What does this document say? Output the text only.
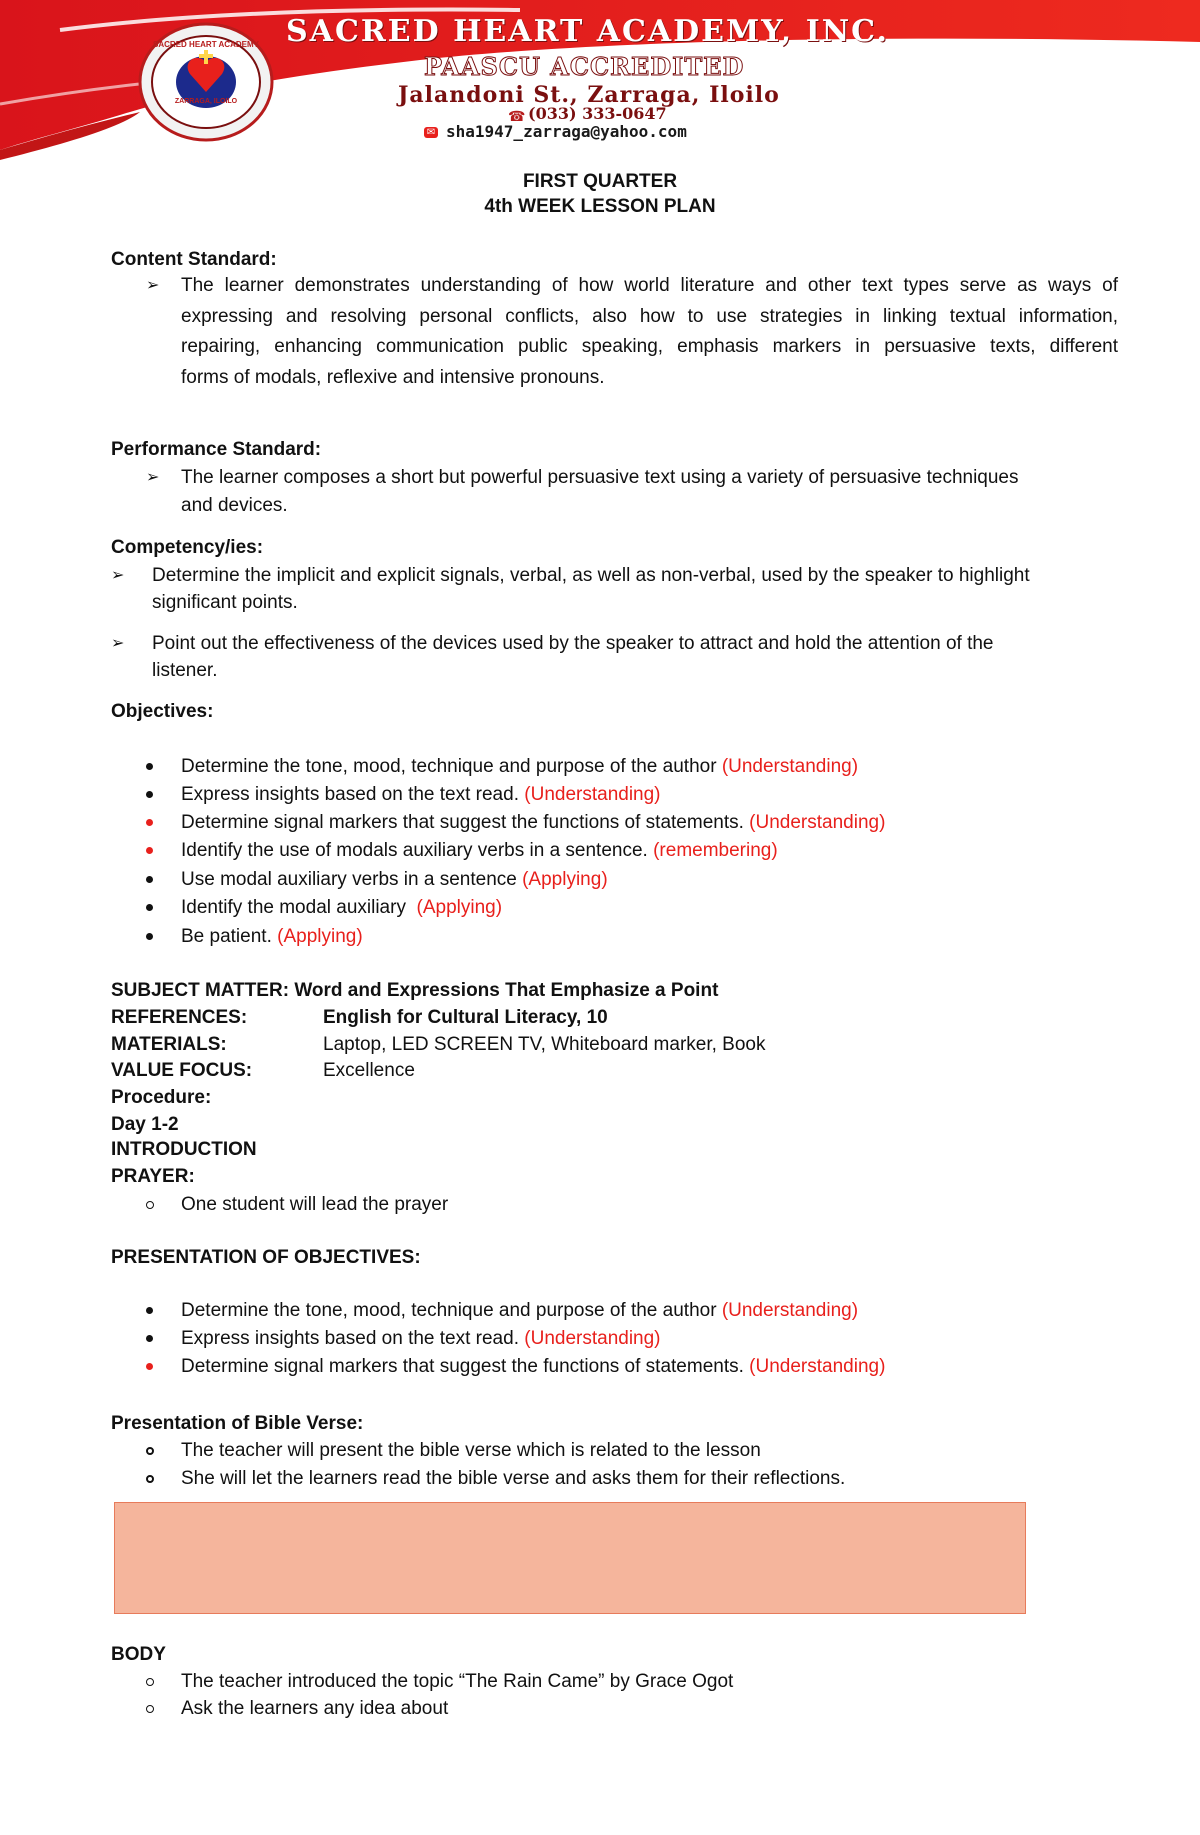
SACRED HEART ACADEMY
ZARRAGA, ILOILO
SACRED HEART ACADEMY, INC.
PAASCU ACCREDITED
Jalandoni St., Zarraga, Iloilo
☎ (033) 333-0647
✉ sha1947_zarraga@yahoo.com
FIRST QUARTER
4th WEEK LESSON PLAN
Content Standard:
➢ The learner demonstrates understanding of how world literature and other text types serve as ways of
expressing and resolving personal conflicts, also how to use strategies in linking textual information,
repairing, enhancing communication public speaking, emphasis markers in persuasive texts, different
forms of modals, reflexive and intensive pronouns.
Performance Standard:
➢ The learner composes a short but powerful persuasive text using a variety of persuasive techniques
and devices.
Competency/ies:
➢ Determine the implicit and explicit signals, verbal, as well as non-verbal, used by the speaker to highlight
significant points.
➢ Point out the effectiveness of the devices used by the speaker to attract and hold the attention of the
listener.
Objectives:
Determine the tone, mood, technique and purpose of the author (Understanding)
Express insights based on the text read. (Understanding)
Determine signal markers that suggest the functions of statements. (Understanding)
Identify the use of modals auxiliary verbs in a sentence. (remembering)
Use modal auxiliary verbs in a sentence (Applying)
Identify the modal auxiliary  (Applying)
Be patient. (Applying)
SUBJECT MATTER: Word and Expressions That Emphasize a Point
REFERENCES:	English for Cultural Literacy, 10
MATERIALS:	Laptop, LED SCREEN TV, Whiteboard marker, Book
VALUE FOCUS:	Excellence
Procedure:
Day 1-2
INTRODUCTION
PRAYER:
One student will lead the prayer
PRESENTATION OF OBJECTIVES:
Determine the tone, mood, technique and purpose of the author (Understanding)
Express insights based on the text read. (Understanding)
Determine signal markers that suggest the functions of statements. (Understanding)
Presentation of Bible Verse:
The teacher will present the bible verse which is related to the lesson
She will let the learners read the bible verse and asks them for their reflections.
BODY
The teacher introduced the topic “The Rain Came” by Grace Ogot
Ask the learners any idea about
